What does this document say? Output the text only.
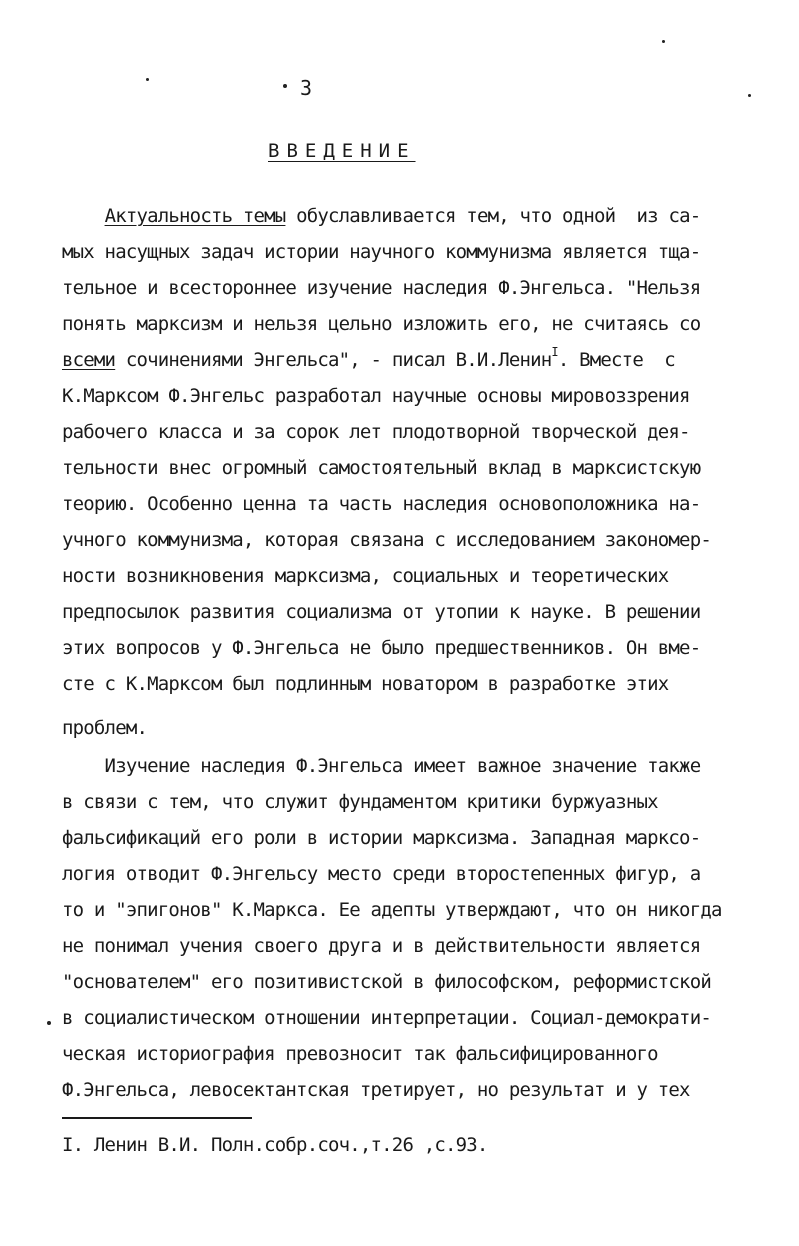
3
ВВЕДЕНИЕ
Актуальность темы обуславливается тем, что одной  из са-
мых насущных задач истории научного коммунизма является тща-
тельное и всестороннее изучение наследия Ф.Энгельса. "Нельзя
понять марксизм и нельзя цельно изложить его, не считаясь со
всеми сочинениями Энгельса", - писал В.И.Ленин$^I$. Вместе  с
К.Марксом Ф.Энгельс разработал научные основы мировоззрения
рабочего класса и за сорок лет плодотворной творческой дея-
тельности внес огромный самостоятельный вклад в марксистскую
теорию. Особенно ценна та часть наследия основоположника на-
учного коммунизма, которая связана с исследованием закономер-
ности возникновения марксизма, социальных и теоретических
предпосылок развития социализма от утопии к науке. В решении
этих вопросов у Ф.Энгельса не было предшественников. Он вме-
сте с К.Марксом был подлинным новатором в разработке этих
проблем.
Изучение наследия Ф.Энгельса имеет важное значение также
в связи с тем, что служит фундаментом критики буржуазных
фальсификаций его роли в истории марксизма. Западная марксо-
логия отводит Ф.Энгельсу место среди второстепенных фигур, а
то и "эпигонов" К.Маркса. Ее адепты утверждают, что он никогда
не понимал учения своего друга и в действительности является
"основателем" его позитивистской в философском, реформистской
в социалистическом отношении интерпретации. Социал-демократи-
ческая историография превозносит так фальсифицированного
Ф.Энгельса, левосектантская третирует, но результат и у тех
I. Ленин В.И. Полн.собр.соч.,т.26 ,с.93.
